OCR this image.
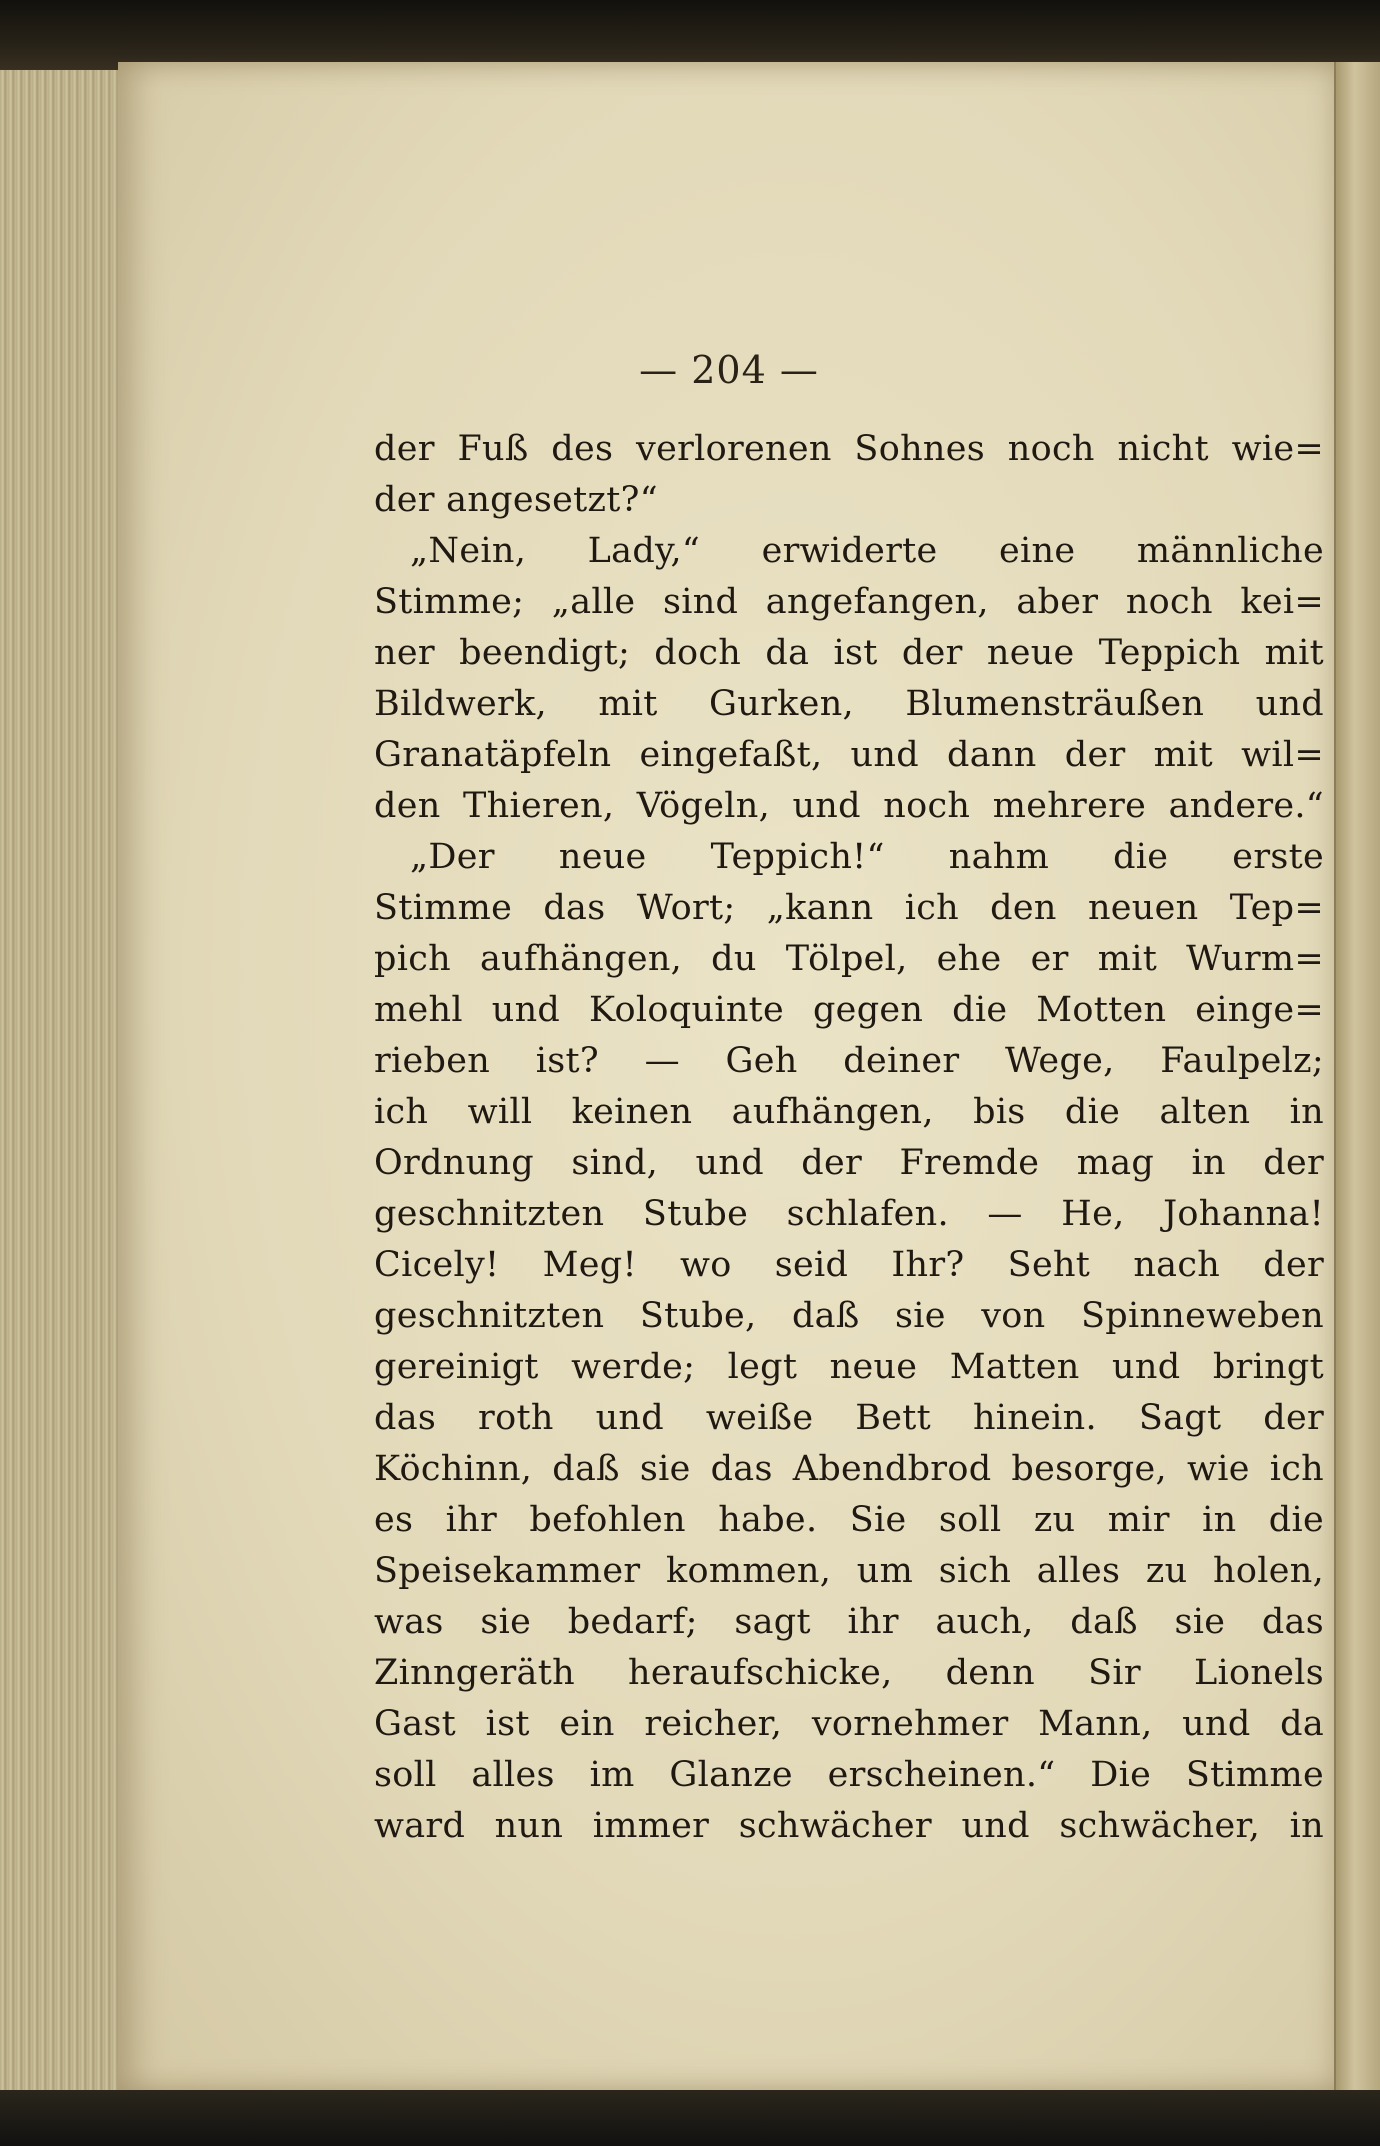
— 204 —
der Fuß des verlorenen Sohnes noch nicht wie=
der angesetzt?“
„Nein, Lady,“ erwiderte eine männliche
Stimme; „alle sind angefangen, aber noch kei=
ner beendigt; doch da ist der neue Teppich mit
Bildwerk, mit Gurken, Blumensträußen und
Granatäpfeln eingefaßt, und dann der mit wil=
den Thieren, Vögeln, und noch mehrere andere.“
„Der neue Teppich!“ nahm die erste
Stimme das Wort; „kann ich den neuen Tep=
pich aufhängen, du Tölpel, ehe er mit Wurm=
mehl und Koloquinte gegen die Motten einge=
rieben ist? — Geh deiner Wege, Faulpelz;
ich will keinen aufhängen, bis die alten in
Ordnung sind, und der Fremde mag in der
geschnitzten Stube schlafen. — He, Johanna!
Cicely! Meg! wo seid Ihr? Seht nach der
geschnitzten Stube, daß sie von Spinneweben
gereinigt werde; legt neue Matten und bringt
das roth und weiße Bett hinein. Sagt der
Köchinn, daß sie das Abendbrod besorge, wie ich
es ihr befohlen habe. Sie soll zu mir in die
Speisekammer kommen, um sich alles zu holen,
was sie bedarf; sagt ihr auch, daß sie das
Zinngeräth heraufschicke, denn Sir Lionels
Gast ist ein reicher, vornehmer Mann, und da
soll alles im Glanze erscheinen.“ Die Stimme
ward nun immer schwächer und schwächer, in
